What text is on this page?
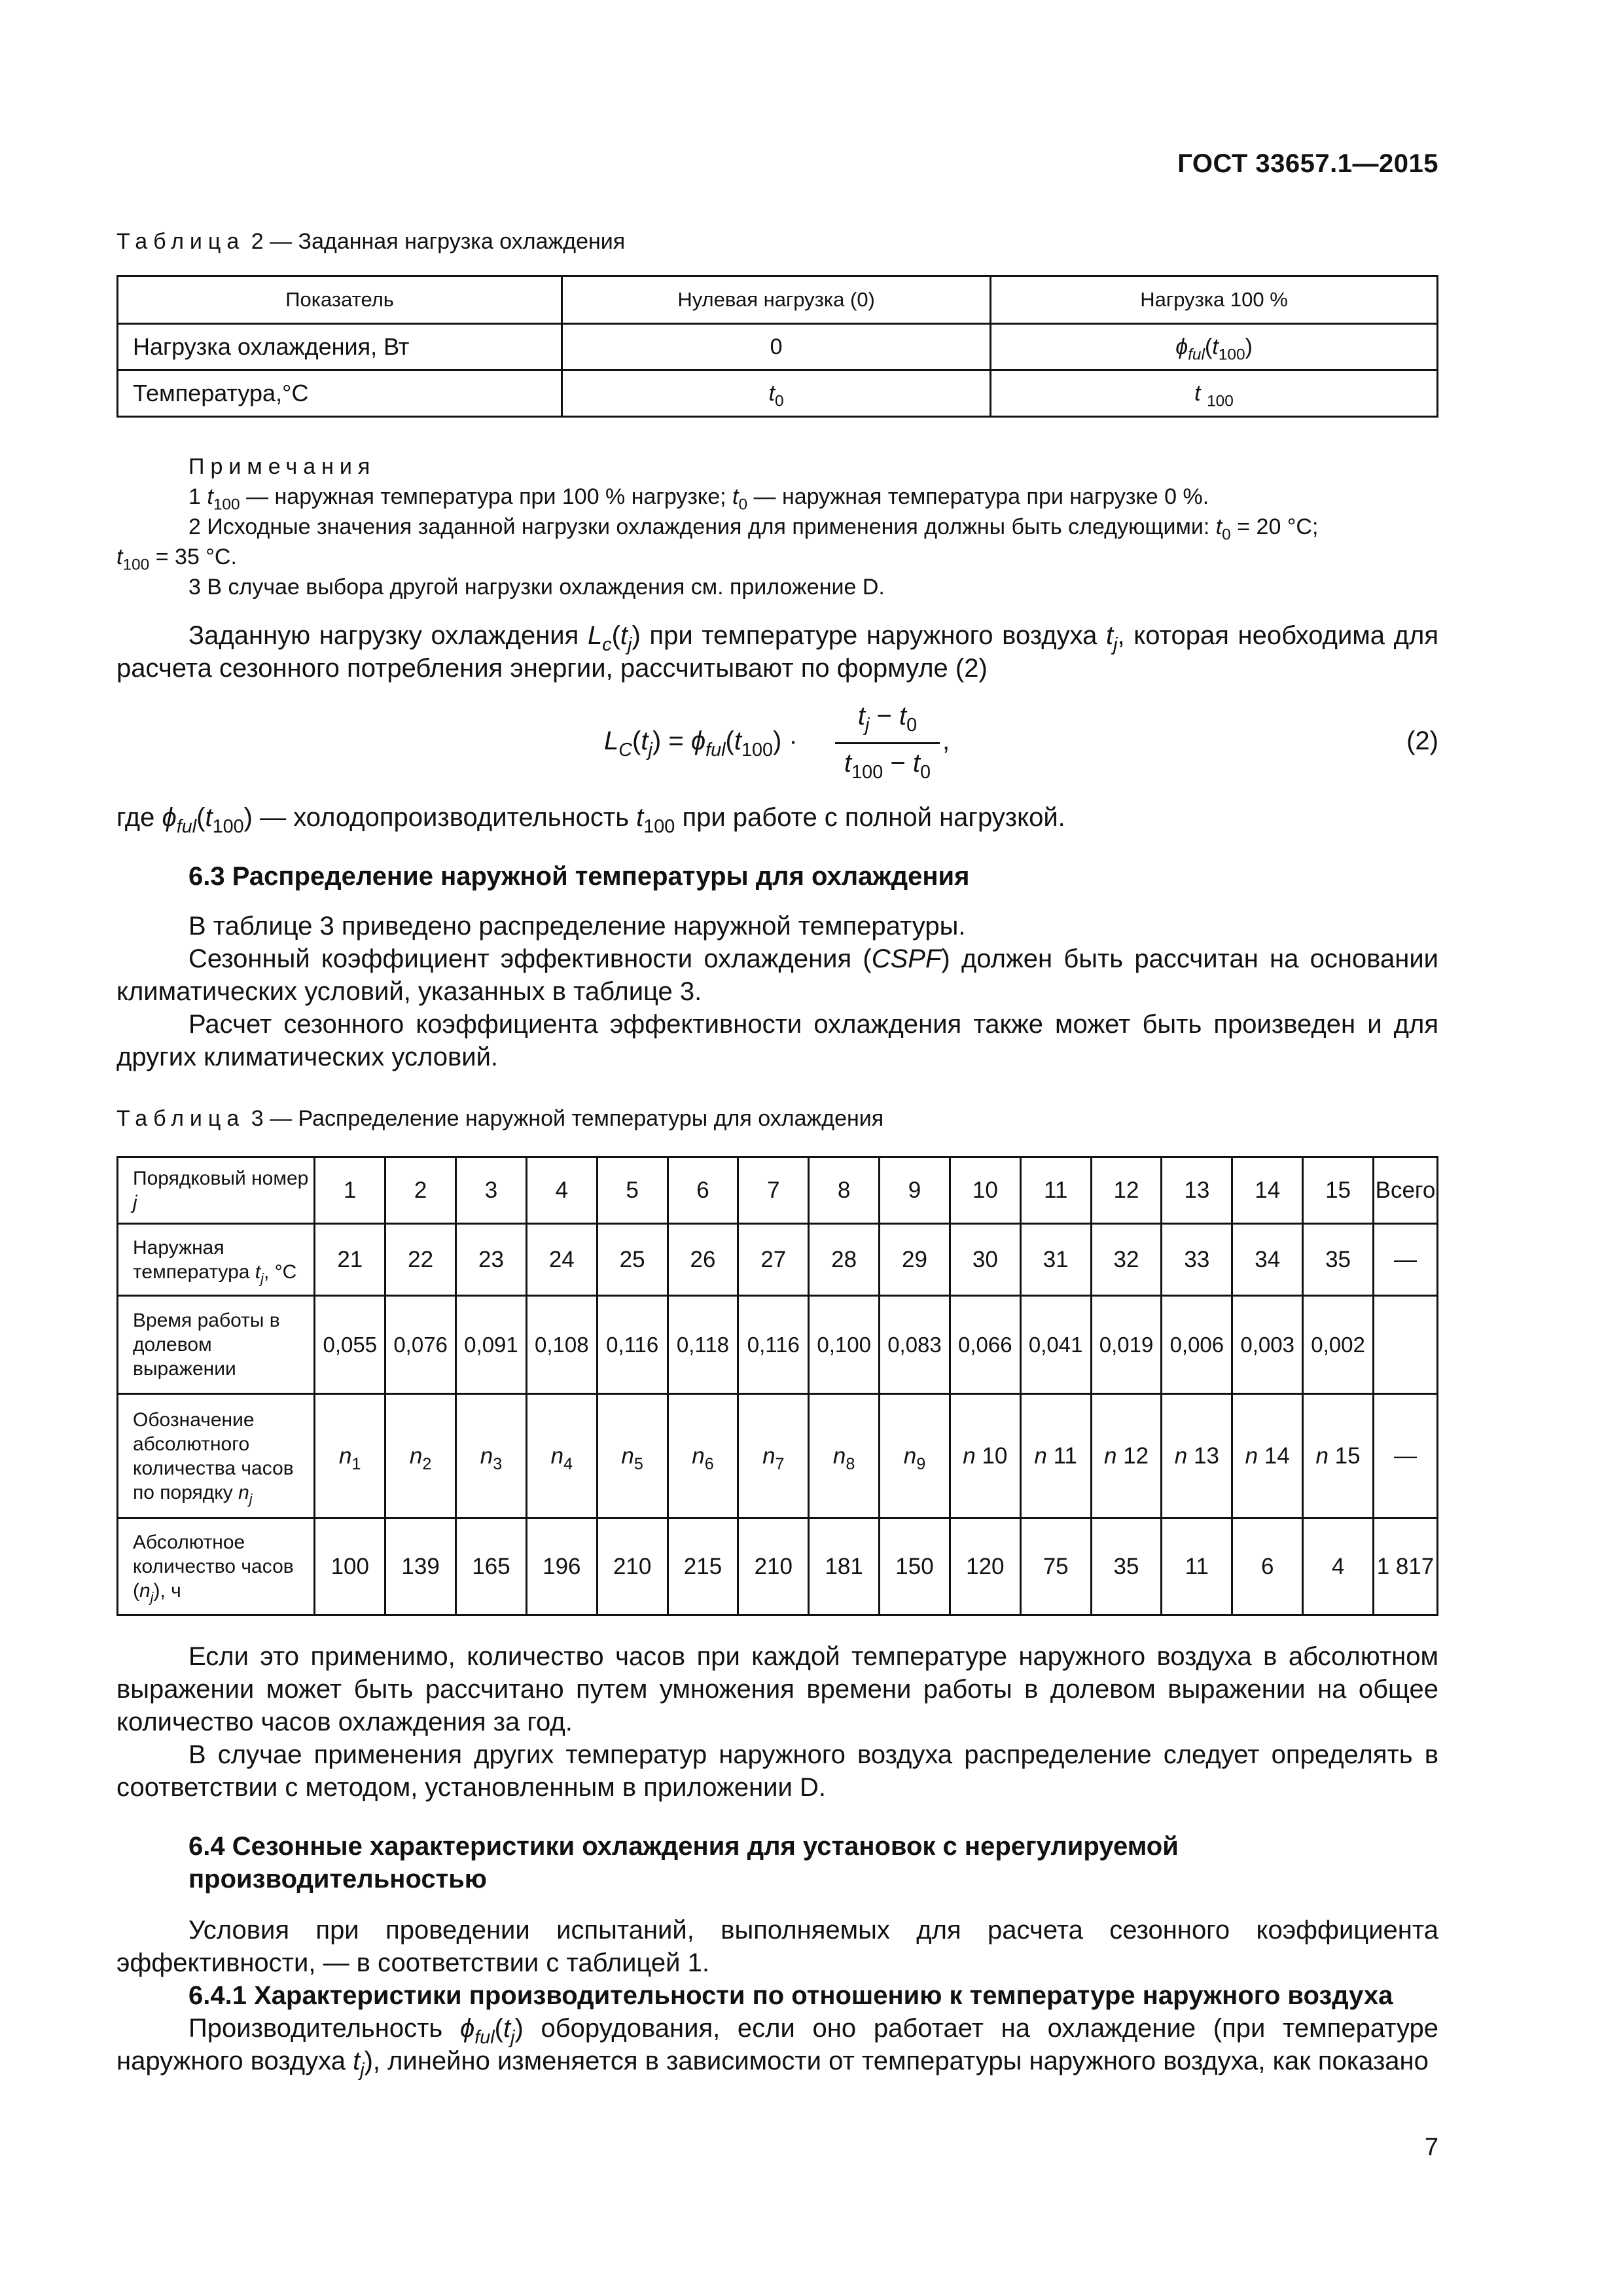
ГОСТ 33657.1—2015
Таблица 2 — Заданная нагрузка охлаждения
Показатель	Нулевая нагрузка (0)	Нагрузка 100 %
Нагрузка охлаждения, Вт	0	$\phi_{ful}(t_{100})$
Температура,°С	$t_0$	t $_{100}$
Примечания
1 $t_{100}$ — наружная температура при 100 % нагрузке; $t_0$ — наружная температура при нагрузке 0 %.
2 Исходные значения заданной нагрузки охлаждения для применения должны быть следующими: $t_0 = 20$ °С;
$t_{100} = 35$ °С.
3 В случае выбора другой нагрузки охлаждения см. приложение D.
Заданную нагрузку охлаждения $L_c(t_j)$ при температуре наружного воздуха $t_j$, которая необходима для расчета сезонного потребления энергии, рассчитывают по формуле (2)
$L_C(t_j) = \phi_{ful}(t_{100})$ ·
$t_j - t_0$
$t_{100} - t_0$
,	(2)
где $\phi_{ful}(t_{100})$ — холодопроизводительность $t_{100}$ при работе с полной нагрузкой.
6.3 Распределение наружной температуры для охлаждения
В таблице 3 приведено распределение наружной температуры.
Сезонный коэффициент эффективности охлаждения (CSPF) должен быть рассчитан на основании климатических условий, указанных в таблице 3.
Расчет сезонного коэффициента эффективности охлаждения также может быть произведен и для других климатических условий.
Таблица 3 — Распределение наружной температуры для охлаждения
Порядковый номер j	1	2	3	4	5	6	7	8	9	10	11	12	13	14	15	Всего
Наружная температура $t_j$, °С	21	22	23	24	25	26	27	28	29	30	31	32	33	34	35	—
Время работы в долевом выражении	0,055	0,076	0,091	0,108	0,116	0,118	0,116	0,100	0,083	0,066	0,041	0,019	0,006	0,003	0,002	
Обозначение абсолютного количества часов по порядку $n_j$	$n_1$	$n_2$	$n_3$	$n_4$	$n_5$	$n_6$	$n_7$	$n_8$	$n_9$	n 10	n 11	n 12	n 13	n 14	n 15	—
Абсолютное количество часов $(n_j)$, ч	100	139	165	196	210	215	210	181	150	120	75	35	11	6	4	1 817
Если это применимо, количество часов при каждой температуре наружного воздуха в абсолютном выражении может быть рассчитано путем умножения времени работы в долевом выражении на общее количество часов охлаждения за год.
В случае применения других температур наружного воздуха распределение следует определять в соответствии с методом, установленным в приложении D.
6.4 Сезонные характеристики охлаждения для установок с нерегулируемой
производительностью
Условия при проведении испытаний, выполняемых для расчета сезонного коэффициента эффективности, — в соответствии с таблицей 1.
6.4.1 Характеристики производительности по отношению к температуре наружного воздуха
Производительность $\phi_{ful}(t_j)$ оборудования, если оно работает на охлаждение (при температуре наружного воздуха $t_j$), линейно изменяется в зависимости от температуры наружного воздуха, как показано
7
